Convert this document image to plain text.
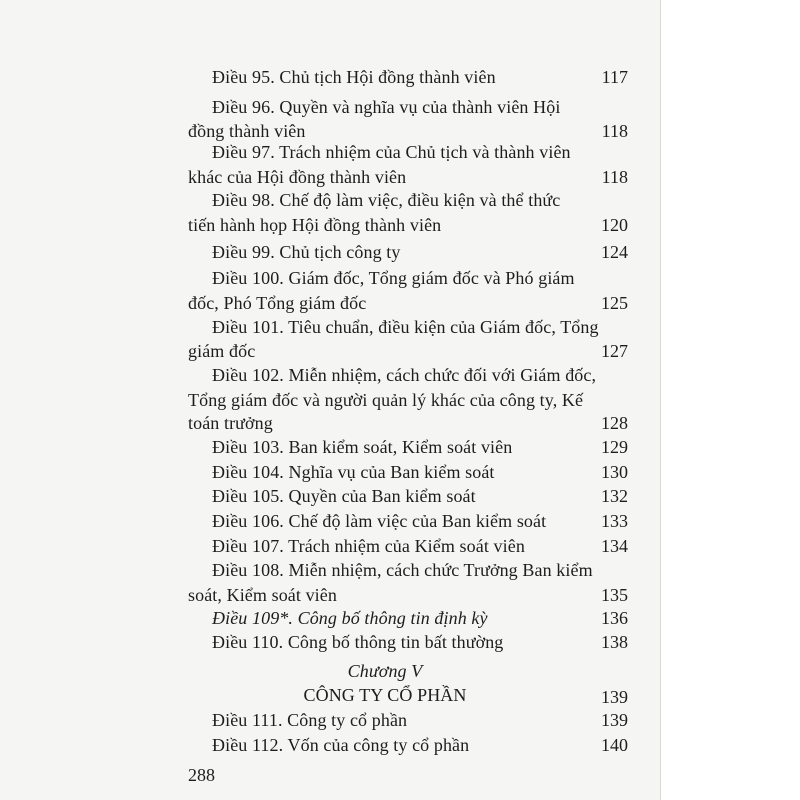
Điều 95. Chủ tịch Hội đồng thành viên	117
Điều 96. Quyền và nghĩa vụ của thành viên Hội
đồng thành viên	118
Điều 97. Trách nhiệm của Chủ tịch và thành viên
khác của Hội đồng thành viên	118
Điều 98. Chế độ làm việc, điều kiện và thể thức
tiến hành họp Hội đồng thành viên	120
Điều 99. Chủ tịch công ty	124
Điều 100. Giám đốc, Tổng giám đốc và Phó giám
đốc, Phó Tổng giám đốc	125
Điều 101. Tiêu chuẩn, điều kiện của Giám đốc, Tổng
giám đốc	127
Điều 102. Miễn nhiệm, cách chức đối với Giám đốc,
Tổng giám đốc và người quản lý khác của công ty, Kế
toán trưởng	128
Điều 103. Ban kiểm soát, Kiểm soát viên	129
Điều 104. Nghĩa vụ của Ban kiểm soát	130
Điều 105. Quyền của Ban kiểm soát	132
Điều 106. Chế độ làm việc của Ban kiểm soát	133
Điều 107. Trách nhiệm của Kiểm soát viên	134
Điều 108. Miễn nhiệm, cách chức Trưởng Ban kiểm
soát, Kiểm soát viên	135
Điều 109*. Công bố thông tin định kỳ	136
Điều 110. Công bố thông tin bất thường	138
Chương V
CÔNG TY CỔ PHẦN	139
Điều 111. Công ty cổ phần	139
Điều 112. Vốn của công ty cổ phần	140
288
